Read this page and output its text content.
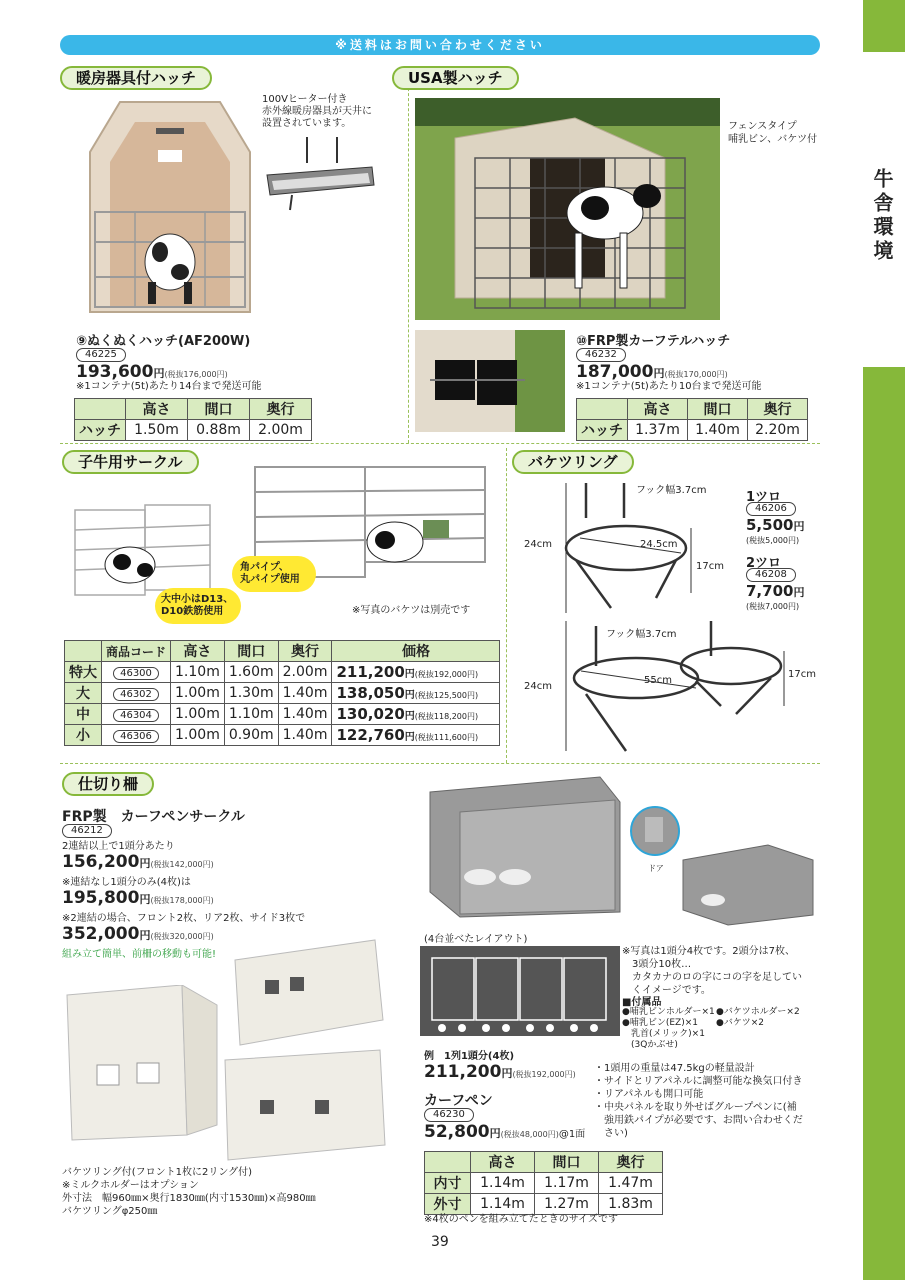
牛舎環境
※送料はお問い合わせください
暖房器具付ハッチ
100Vヒーター付き
赤外線暖房器具が天井に
設置されています。
⑨ぬくぬくハッチ(AF200W)
46225
193,600円(税抜176,000円)
※1コンテナ(5t)あたり14台まで発送可能
	高さ	間口	奥行
ハッチ	1.50m	0.88m	2.00m
USA製ハッチ
フェンスタイプ
哺乳ビン、バケツ付
⑩FRP製カーフテルハッチ
46232
187,000円(税抜170,000円)
※1コンテナ(5t)あたり10台まで発送可能
	高さ	間口	奥行
ハッチ	1.37m	1.40m	2.20m
子牛用サークル
大中小はD13、
D10鉄筋使用
角パイプ、
丸パイプ使用
※写真のバケツは別売です
	商品コード	高さ	間口	奥行	価格
特大	46300	1.10m	1.60m	2.00m	211,200円(税抜192,000円)
大	46302	1.00m	1.30m	1.40m	138,050円(税抜125,500円)
中	46304	1.00m	1.10m	1.40m	130,020円(税抜118,200円)
小	46306	1.00m	0.90m	1.40m	122,760円(税抜111,600円)
バケツリング
フック幅3.7cm
24cm	24.5cm
17cm
1ツロ
46206
5,500円
(税抜5,000円)
2ツロ
46208
7,700円
(税抜7,000円)
フック幅3.7cm
24cm
55cm
17cm
仕切り柵
FRP製　カーフペンサークル
46212
2連結以上で1頭分あたり
156,200円(税抜142,000円)
※連結なし1頭分のみ(4枚)は
195,800円(税抜178,000円)
※2連結の場合、フロント2枚、リア2枚、サイド3枚で
352,000円(税抜320,000円)
組み立て簡単、前柵の移動も可能!
バケツリング付(フロント1枚に2リング付)
※ミルクホルダーはオプション
外寸法　幅960㎜×奥行1830㎜(内寸1530㎜)×高980㎜
バケツリングφ250㎜
ドア
(4台並べたレイアウト)
※写真は1頭分4枚です。2頭分は7枚、
　3頭分10枚…
　カタカナのロの字にコの字を足してい
　くイメージです。
■付属品
●哺乳ビンホルダー×1 ●バケツホルダー×2
●哺乳ビン(EZ)×1 ●バケツ×2
　乳首(メリック)×1
　(3Qかぶせ)
例　1列1頭分(4枚)
211,200円(税抜192,000円)
カーフペン
46230
52,800円(税抜48,000円)@1面
・1頭用の重量は47.5kgの軽量設計
・サイドとリアパネルに調整可能な換気口付き
・リアパネルも開口可能
・中央パネルを取り外せばグループペンに(補
　強用鉄パイプが必要です、お問い合わせくだ
　さい)
	高さ	間口	奥行
内寸	1.14m	1.17m	1.47m
外寸	1.14m	1.27m	1.83m
※4枚のペンを組み立てたときのサイズです
39
